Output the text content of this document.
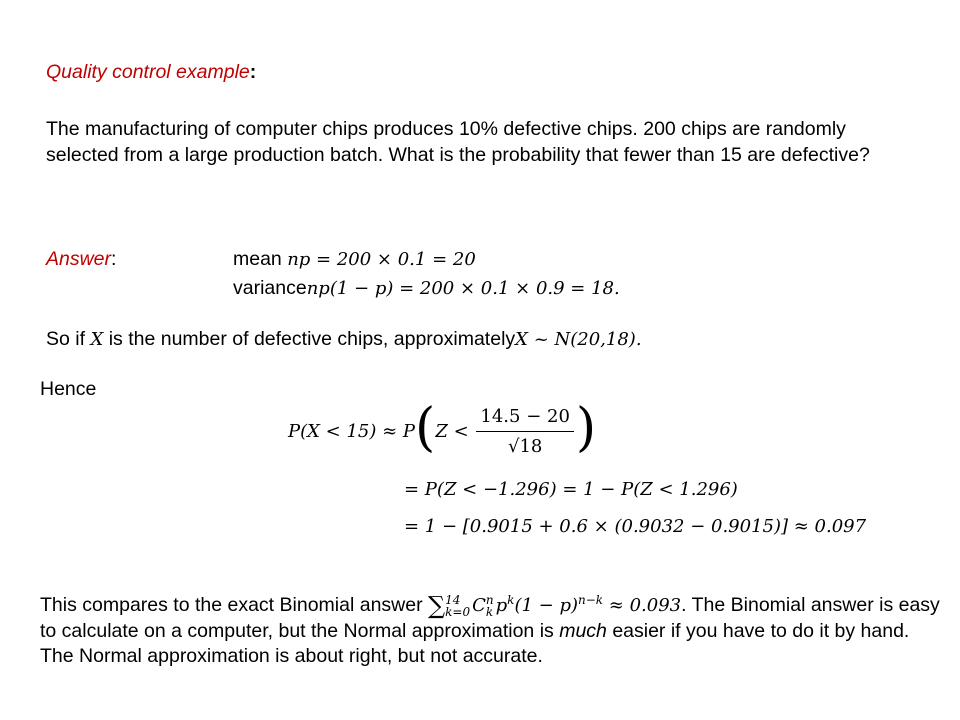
Quality control example:
The manufacturing of computer chips produces 10% defective chips. 200 chips are randomly selected from a large production batch. What is the probability that fewer than 15 are defective?
Answer:	mean np = 200 × 0.1 = 20
variancenp(1 − p) = 200 × 0.1 × 0.9 = 18.
So if X is the number of defective chips, approximatelyX ~ N(20,18).
Hence
$P(X < 15) \approx P(Z < \frac{14.5 - 20}{√18}$ )
= P(Z < −1.296) = 1 − P(Z < 1.296)
= 1 − [0.9015 + 0.6 × (0.9032 − 0.9015)] ≈ 0.097
This compares to the exact Binomial answer ∑ 14
k=0 C n
k $p^k(1 - p)^{n-k} \approx 0.093$. The Binomial answer is easy to calculate on a computer, but the Normal approximation is much easier if you have to do it by hand. The Normal approximation is about right, but not accurate.
